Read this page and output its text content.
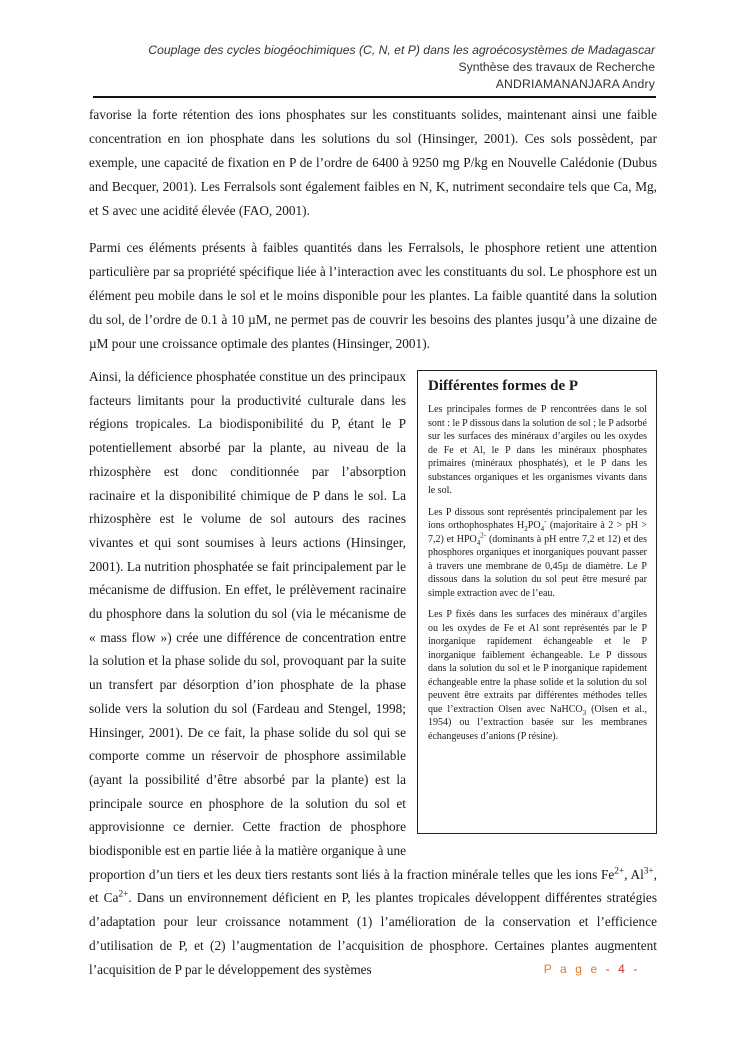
Couplage des cycles biogéochimiques (C, N, et P) dans les agroécosystèmes de Madagascar
Synthèse des travaux de Recherche
ANDRIAMANANJARA Andry

favorise la forte rétention des ions phosphates sur les constituants solides, maintenant ainsi une faible concentration en ion phosphate dans les solutions du sol (Hinsinger, 2001). Ces sols possèdent, par exemple, une capacité de fixation en P de l’ordre de 6400 à 9250 mg P/kg en Nouvelle Calédonie (Dubus and Becquer, 2001). Les Ferralsols sont également faibles en N, K, nutriment secondaire tels que Ca, Mg, et S avec une acidité élevée (FAO, 2001).

Parmi ces éléments présents à faibles quantités dans les Ferralsols, le phosphore retient une attention particulière par sa propriété spécifique liée à l’interaction avec les constituants du sol. Le phosphore est un élément peu mobile dans le sol et le moins disponible pour les plantes. La faible quantité dans la solution du sol, de l’ordre de 0.1 à 10 µM, ne permet pas de couvrir les besoins des plantes jusqu’à une dizaine de µM pour une croissance optimale des plantes (Hinsinger, 2001).

Différentes formes de P

Les principales formes de P rencontrées dans le sol sont : le P dissous dans la solution de sol ; le P adsorbé sur les surfaces des minéraux d’argiles ou les oxydes de Fe et Al, le P dans les minéraux phosphates primaires (minéraux phosphatés), et le P dans les substances organiques et les organismes vivants dans le sol.

Les P dissous sont représentés principalement par les ions orthophosphates $H_2PO_4^-$ (majoritaire à 2 > pH > 7,2) et $HPO_4^{2-}$ (dominants à pH entre 7,2 et 12) et des phosphores organiques et inorganiques pouvant passer à travers une membrane de 0,45µ de diamètre. Le P dissous dans la solution du sol peut être mesuré par simple extraction avec de l’eau.

Les P fixés dans les surfaces des minéraux d’argiles ou les oxydes de Fe et Al sont représentés par le P inorganique rapidement échangeable et le P inorganique faiblement échangeable. Le P dissous dans la solution du sol et le P inorganique rapidement échangeable entre la phase solide et la solution du sol peuvent être extraits par différentes méthodes telles que l’extraction Olsen avec NaHCO$_3$ (Olsen et al., 1954) ou l’extraction basée sur les membranes échangeuses d’anions (P résine).

Ainsi, la déficience phosphatée constitue un des principaux facteurs limitants pour la productivité culturale dans les régions tropicales. La biodisponibilité du P, étant le P potentiellement absorbé par la plante, au niveau de la rhizosphère est donc conditionnée par l’absorption racinaire et la disponibilité chimique de P dans le sol. La rhizosphère est le volume de sol autours des racines vivantes et qui sont soumises à leurs actions (Hinsinger, 2001). La nutrition phosphatée se fait principalement par le mécanisme de diffusion. En effet, le prélèvement racinaire du phosphore dans la solution du sol (via le mécanisme de « mass flow ») crée une différence de concentration entre la solution et la phase solide du sol, provoquant par la suite un transfert par désorption d’ion phosphate de la phase solide vers la solution du sol (Fardeau and Stengel, 1998; Hinsinger, 2001). De ce fait, la phase solide du sol qui se comporte comme un réservoir de phosphore assimilable (ayant la possibilité d’être absorbé par la plante) est la principale source en phosphore de la solution du sol et approvisionne ce dernier. Cette fraction de phosphore biodisponible est en partie liée à la matière organique à une proportion d’un tiers et les deux tiers restants sont liés à la fraction minérale telles que les ions $Fe^{2+}$, $Al^{3+}$, et $Ca^{2+}$. Dans un environnement déficient en P, les plantes tropicales développent différentes stratégies d’adaptation pour leur croissance notamment (1) l’amélioration de la conservation et l’efficience d’utilisation de P, et (2) l’augmentation de l’acquisition de phosphore. Certaines plantes augmentent l’acquisition de P par le développement des systèmes	P a g e - 4 -
